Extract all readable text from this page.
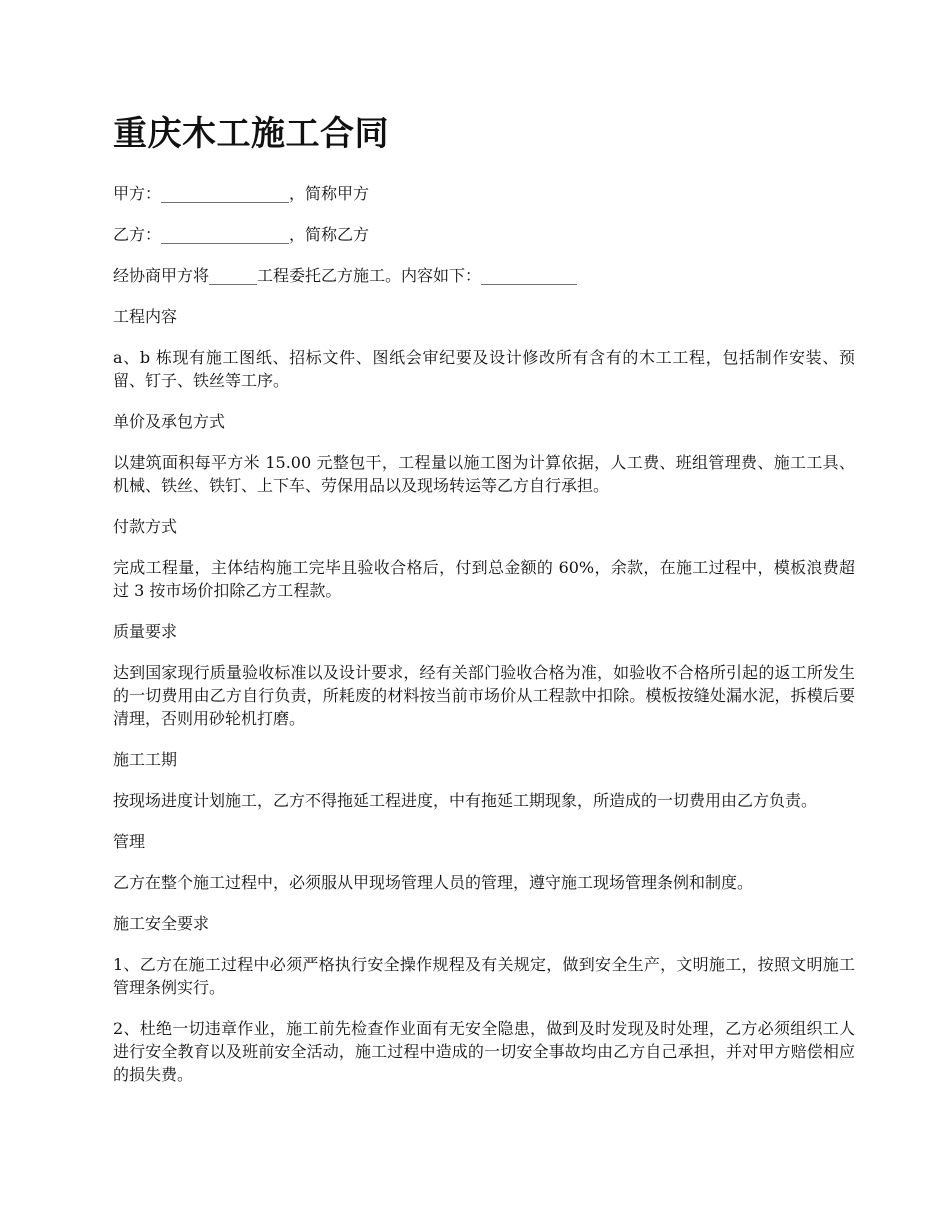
重庆木工施工合同

甲方：________________，简称甲方

乙方：________________，简称乙方

经协商甲方将______工程委托乙方施工。内容如下：____________

工程内容

a、b 栋现有施工图纸、招标文件、图纸会审纪要及设计修改所有含有的木工工程，包括制作安装、预留、钉子、铁丝等工序。

单价及承包方式

以建筑面积每平方米 15.00 元整包干，工程量以施工图为计算依据，人工费、班组管理费、施工工具、机械、铁丝、铁钉、上下车、劳保用品以及现场转运等乙方自行承担。

付款方式

完成工程量，主体结构施工完毕且验收合格后，付到总金额的 60%，余款，在施工过程中，模板浪费超过 3 按市场价扣除乙方工程款。

质量要求

达到国家现行质量验收标准以及设计要求，经有关部门验收合格为准，如验收不合格所引起的返工所发生的一切费用由乙方自行负责，所耗废的材料按当前市场价从工程款中扣除。模板按缝处漏水泥，拆模后要清理，否则用砂轮机打磨。

施工工期

按现场进度计划施工，乙方不得拖延工程进度，中有拖延工期现象，所造成的一切费用由乙方负责。

管理

乙方在整个施工过程中，必须服从甲现场管理人员的管理，遵守施工现场管理条例和制度。

施工安全要求

1、乙方在施工过程中必须严格执行安全操作规程及有关规定，做到安全生产，文明施工，按照文明施工管理条例实行。

2、杜绝一切违章作业，施工前先检查作业面有无安全隐患，做到及时发现及时处理，乙方必须组织工人进行安全教育以及班前安全活动，施工过程中造成的一切安全事故均由乙方自己承担，并对甲方赔偿相应的损失费。
